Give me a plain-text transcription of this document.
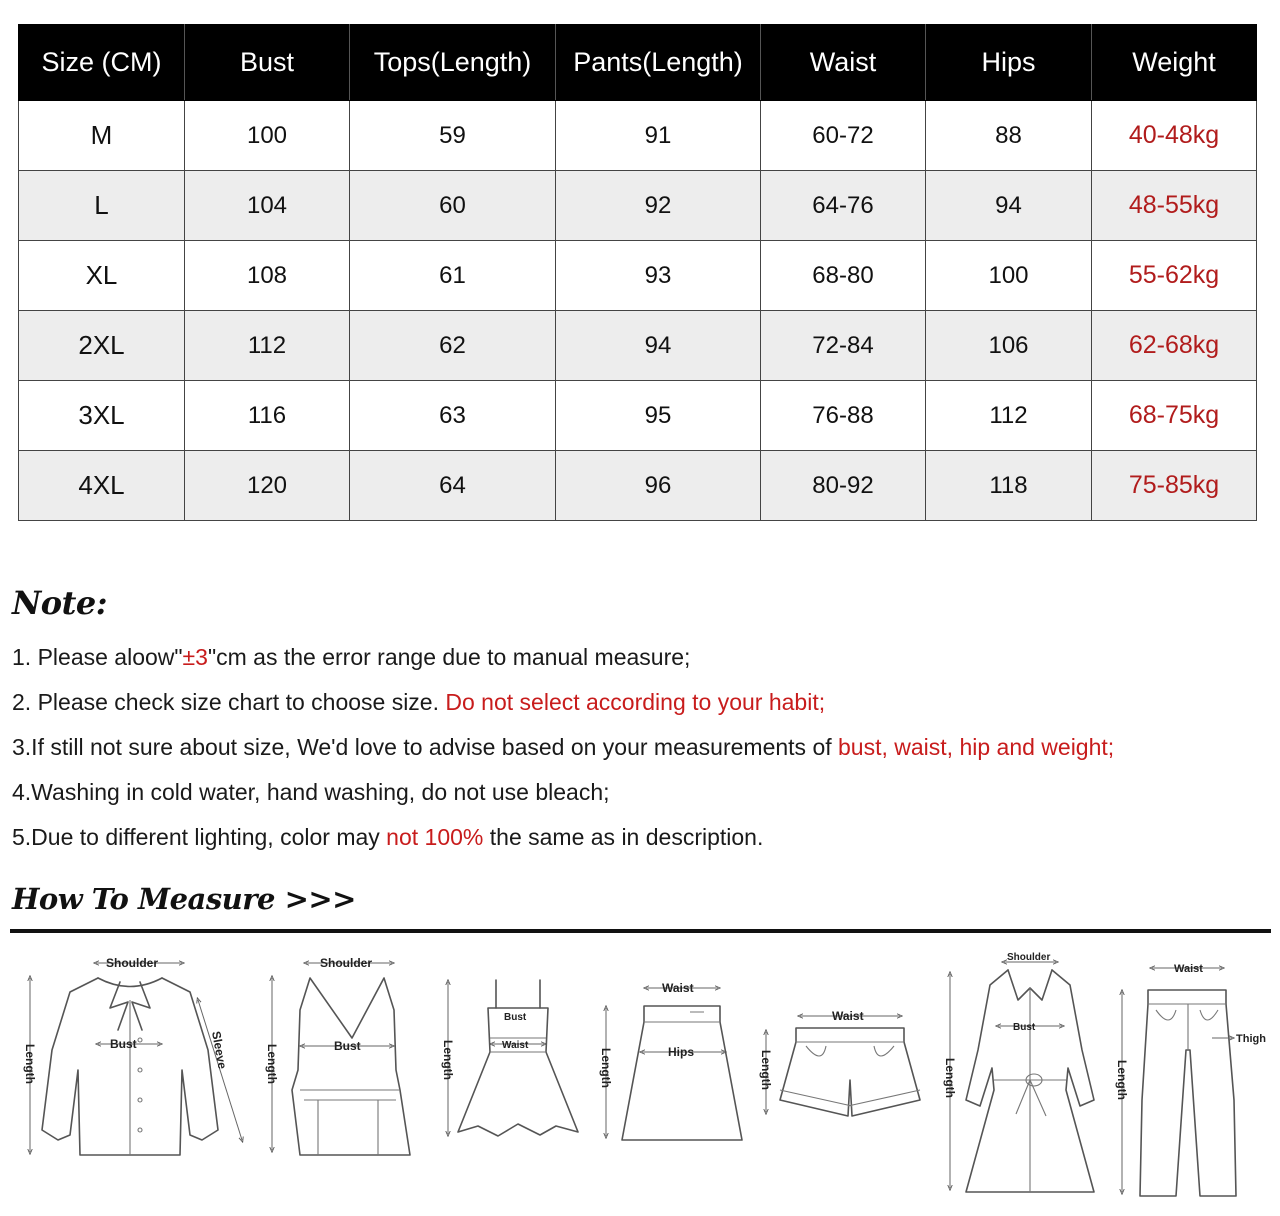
Size (CM)	Bust	Tops(Length)	Pants(Length)	Waist	Hips	Weight
M	100	59	91	60-72	88	40-48kg
L	104	60	92	64-76	94	48-55kg
XL	108	61	93	68-80	100	55-62kg
2XL	112	62	94	72-84	106	62-68kg
3XL	116	63	95	76-88	112	68-75kg
4XL	120	64	96	80-92	118	75-85kg
Note:
1. Please aloow"±3"cm as the error range due to manual measure;
2. Please check size chart to choose size. Do not select according to your habit;
3.If still not sure about size, We'd love to advise based on your measurements of bust, waist, hip and weight;
4.Washing in cold water, hand washing, do not use bleach;
5.Due to different lighting, color may not 100% the same as in description.
How To Measure >>>
Shoulder
Bust
Length	Sleeve
Shoulder
Bust
Length
Bust
Waist
Length
Waist
Hips
Length
Waist
Length
Shoulder
Bust
Length
Waist
Thigh
Length
